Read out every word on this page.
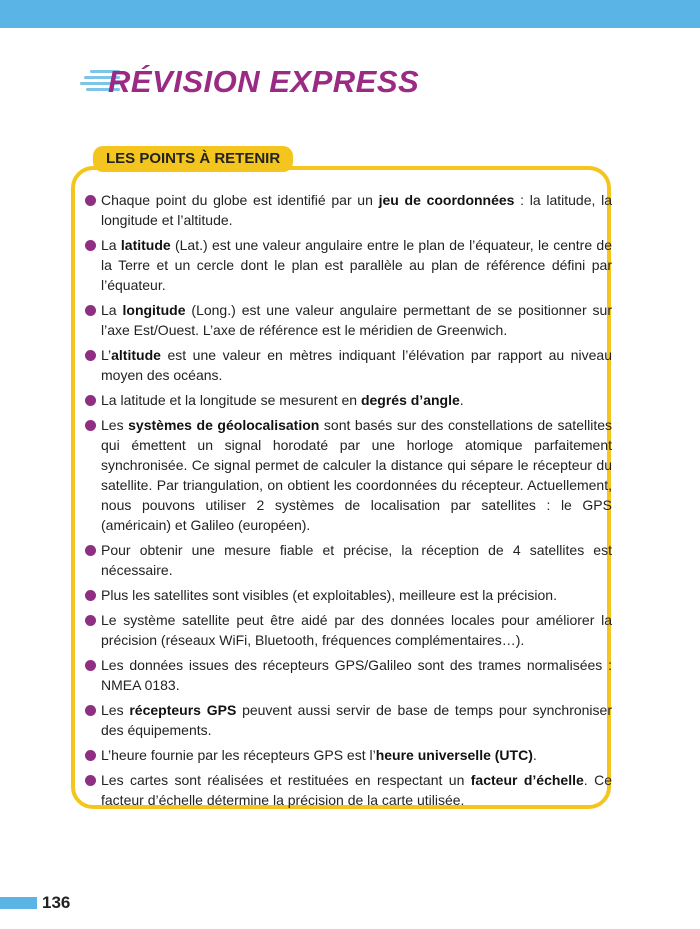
RÉVISION EXPRESS
LES POINTS À RETENIR
Chaque point du globe est identifié par un jeu de coordonnées : la latitude, la longitude et l’altitude.
La latitude (Lat.) est une valeur angulaire entre le plan de l’équateur, le centre de la Terre et un cercle dont le plan est parallèle au plan de référence défini par l’équateur.
La longitude (Long.) est une valeur angulaire permettant de se positionner sur l’axe Est/Ouest. L’axe de référence est le méridien de Greenwich.
L’altitude est une valeur en mètres indiquant l’élévation par rapport au niveau moyen des océans.
La latitude et la longitude se mesurent en degrés d’angle.
Les systèmes de géolocalisation sont basés sur des constellations de satellites qui émettent un signal horodaté par une horloge atomique parfaitement synchronisée. Ce signal permet de calculer la distance qui sépare le récepteur du satellite. Par triangulation, on obtient les coordonnées du récepteur. Actuellement, nous pouvons utiliser 2 systèmes de localisation par satellites : le GPS (américain) et Galileo (européen).
Pour obtenir une mesure fiable et précise, la réception de 4 satellites est nécessaire.
Plus les satellites sont visibles (et exploitables), meilleure est la précision.
Le système satellite peut être aidé par des données locales pour améliorer la précision (réseaux WiFi, Bluetooth, fréquences complémentaires…).
Les données issues des récepteurs GPS/Galileo sont des trames normalisées : NMEA 0183.
Les récepteurs GPS peuvent aussi servir de base de temps pour synchroniser des équipements.
L’heure fournie par les récepteurs GPS est l’heure universelle (UTC).
Les cartes sont réalisées et restituées en respectant un facteur d’échelle. Ce facteur d’échelle détermine la précision de la carte utilisée.
136
